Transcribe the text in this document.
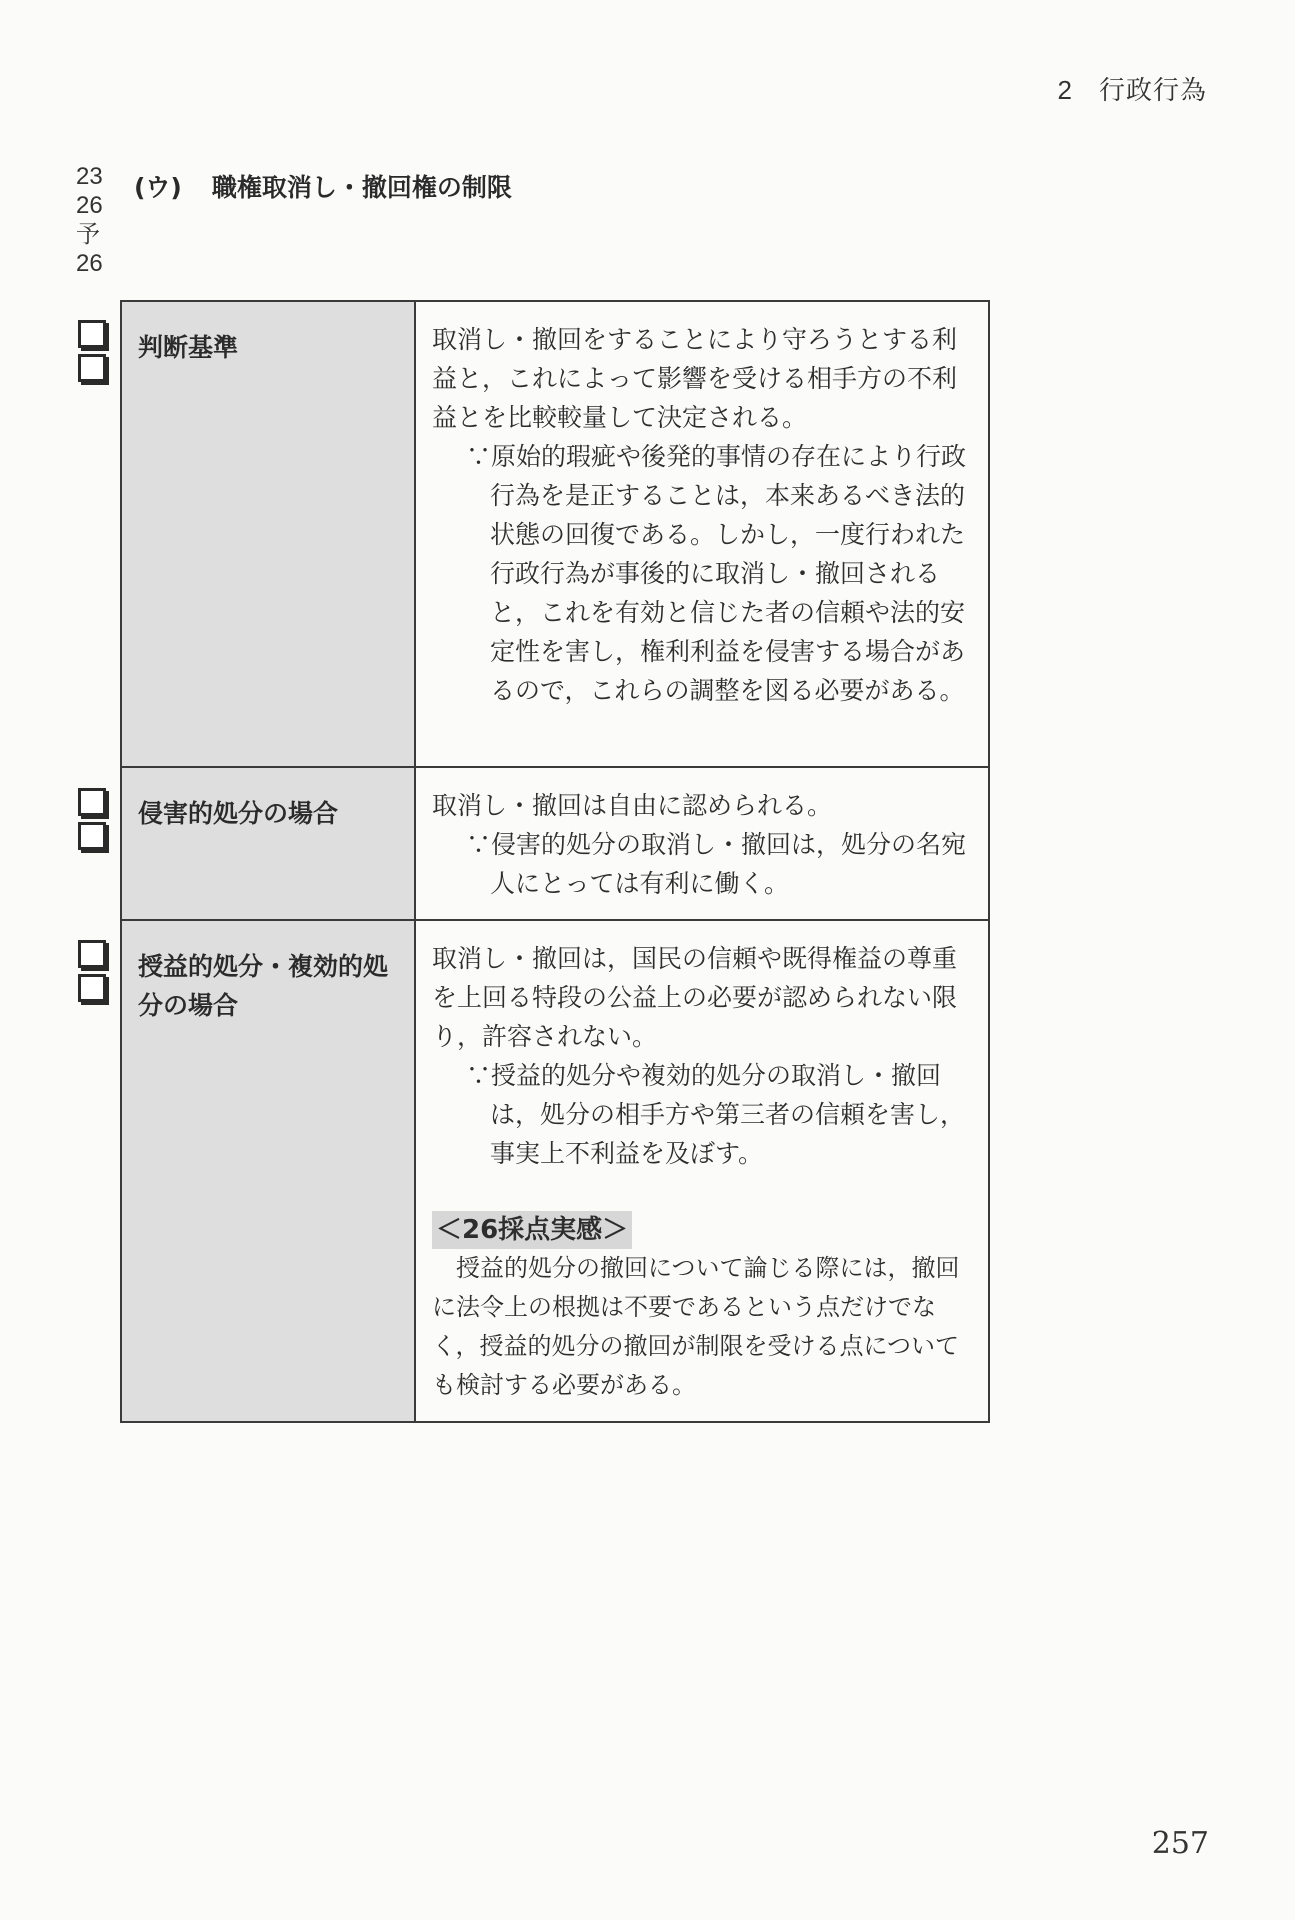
2 行政行為
23
26
予
26
(ウ) 職権取消し・撤回権の制限
判断基準	取消し・撤回をすることにより守ろうとする利益と，これによって影響を受ける相手方の不利益とを比較較量して決定される。
∵原始的瑕疵や後発的事情の存在により行政行為を是正することは，本来あるべき法的状態の回復である。しかし，一度行われた行政行為が事後的に取消し・撤回されると，これを有効と信じた者の信頼や法的安定性を害し，権利利益を侵害する場合があるので，これらの調整を図る必要がある。

侵害的処分の場合	取消し・撤回は自由に認められる。
∵侵害的処分の取消し・撤回は，処分の名宛人にとっては有利に働く。

授益的処分・複効的処分の場合	取消し・撤回は，国民の信頼や既得権益の尊重を上回る特段の公益上の必要が認められない限り，許容されない。
∵授益的処分や複効的処分の取消し・撤回は，処分の相手方や第三者の信頼を害し，事実上不利益を及ぼす。
＜26採点実感＞
授益的処分の撤回について論じる際には，撤回に法令上の根拠は不要であるという点だけでなく，授益的処分の撤回が制限を受ける点についても検討する必要がある。
257
